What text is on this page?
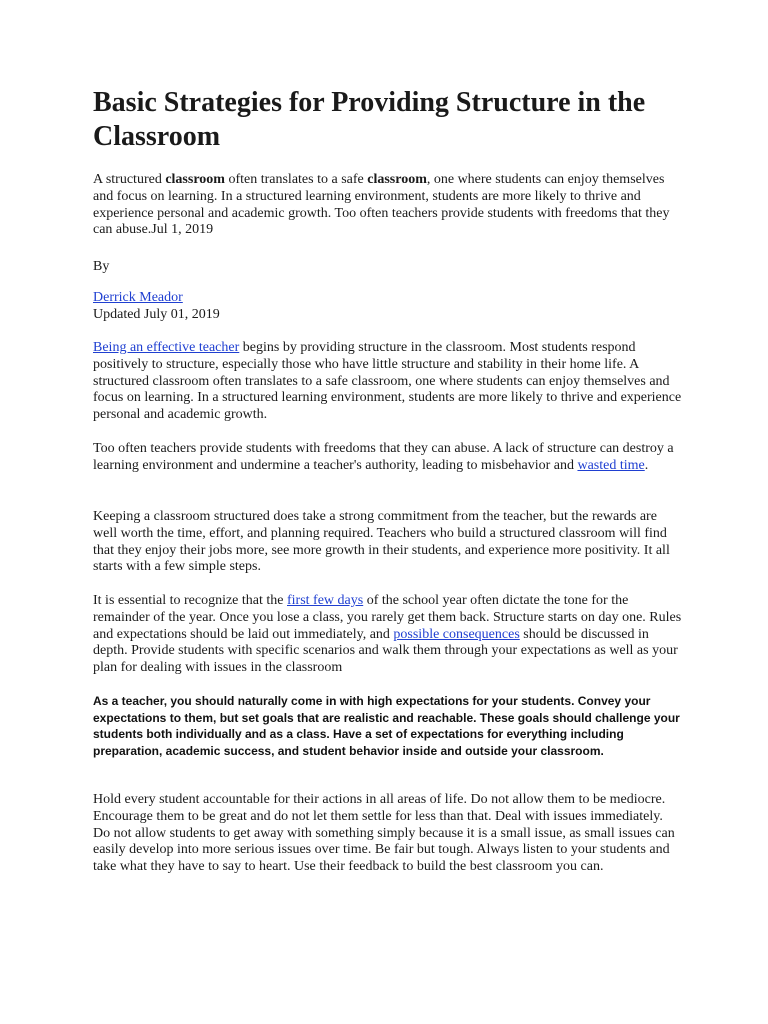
Basic Strategies for Providing Structure in the Classroom

A structured classroom often translates to a safe classroom, one where students can enjoy themselves and focus on learning. In a structured learning environment, students are more likely to thrive and experience personal and academic growth. Too often teachers provide students with freedoms that they can abuse.Jul 1, 2019

By

Derrick Meador
Updated July 01, 2019

Being an effective teacher begins by providing structure in the classroom. Most students respond positively to structure, especially those who have little structure and stability in their home life. A structured classroom often translates to a safe classroom, one where students can enjoy themselves and focus on learning. In a structured learning environment, students are more likely to thrive and experience personal and academic growth.

Too often teachers provide students with freedoms that they can abuse. A lack of structure can destroy a learning environment and undermine a teacher's authority, leading to misbehavior and wasted time.

Keeping a classroom structured does take a strong commitment from the teacher, but the rewards are well worth the time, effort, and planning required. Teachers who build a structured classroom will find that they enjoy their jobs more, see more growth in their students, and experience more positivity. It all starts with a few simple steps.

It is essential to recognize that the first few days of the school year often dictate the tone for the remainder of the year. Once you lose a class, you rarely get them back. Structure starts on day one. Rules and expectations should be laid out immediately, and possible consequences should be discussed in depth. Provide students with specific scenarios and walk them through your expectations as well as your plan for dealing with issues in the classroom

As a teacher, you should naturally come in with high expectations for your students. Convey your expectations to them, but set goals that are realistic and reachable. These goals should challenge your students both individually and as a class. Have a set of expectations for everything including preparation, academic success, and student behavior inside and outside your classroom.

Hold every student accountable for their actions in all areas of life. Do not allow them to be mediocre. Encourage them to be great and do not let them settle for less than that. Deal with issues immediately. Do not allow students to get away with something simply because it is a small issue, as small issues can easily develop into more serious issues over time. Be fair but tough. Always listen to your students and take what they have to say to heart. Use their feedback to build the best classroom you can.
